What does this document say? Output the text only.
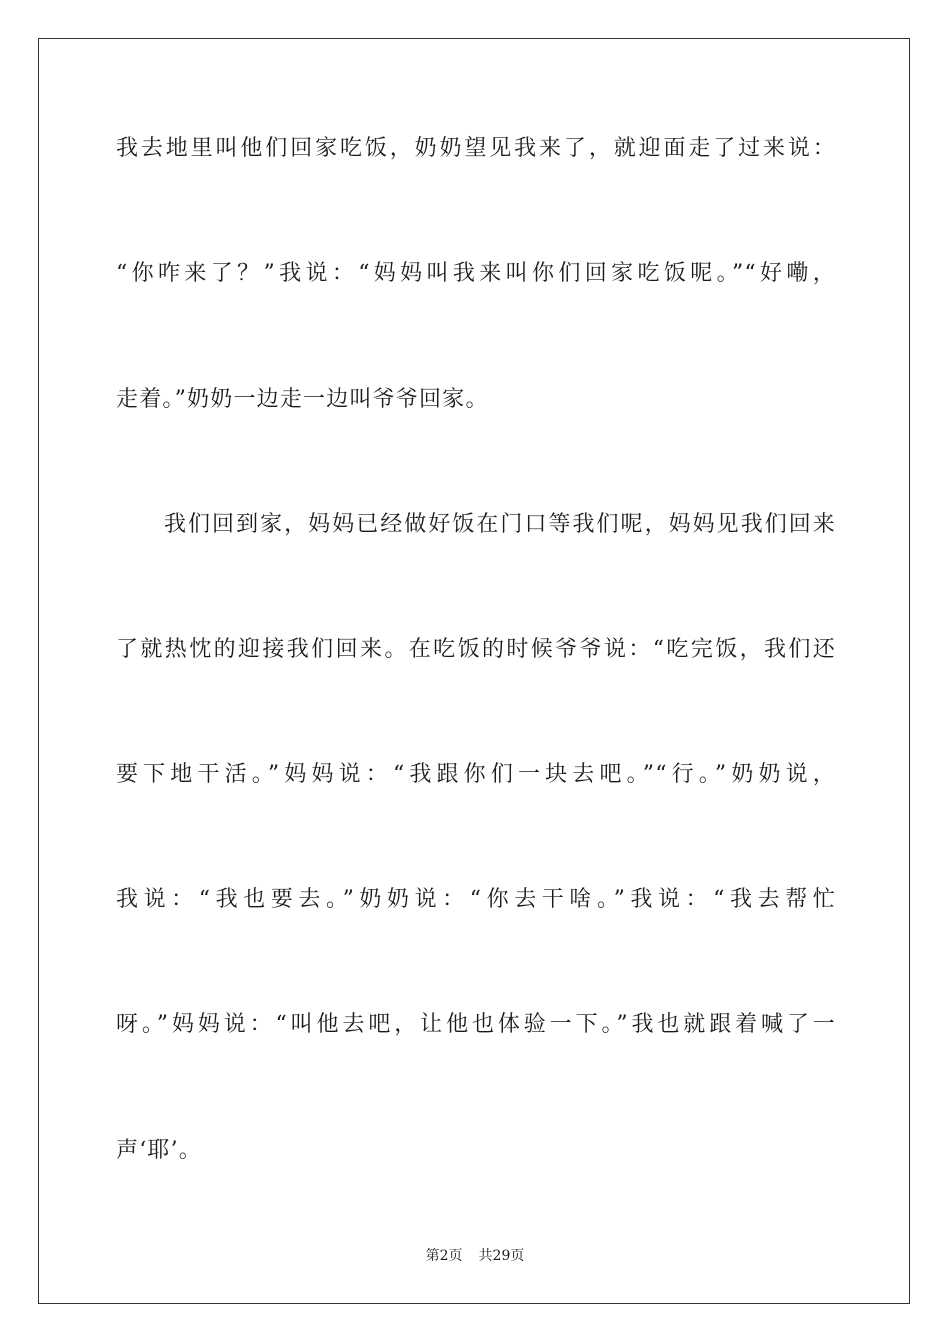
我去地里叫他们回家吃饭，奶奶望见我来了，就迎面走了过来说：
“你咋来了？”我说：“妈妈叫我来叫你们回家吃饭呢。”“好嘞，
走着。”奶奶一边走一边叫爷爷回家。
我们回到家，妈妈已经做好饭在门口等我们呢，妈妈见我们回来
了就热忱的迎接我们回来。在吃饭的时候爷爷说：“吃完饭，我们还
要下地干活。”妈妈说：“我跟你们一块去吧。”“行。”奶奶说，
我说：“我也要去。”奶奶说：“你去干啥。”我说：“我去帮忙
呀。”妈妈说：“叫他去吧，让他也体验一下。”我也就跟着喊了一
声‘耶’。
第2页 共29页
